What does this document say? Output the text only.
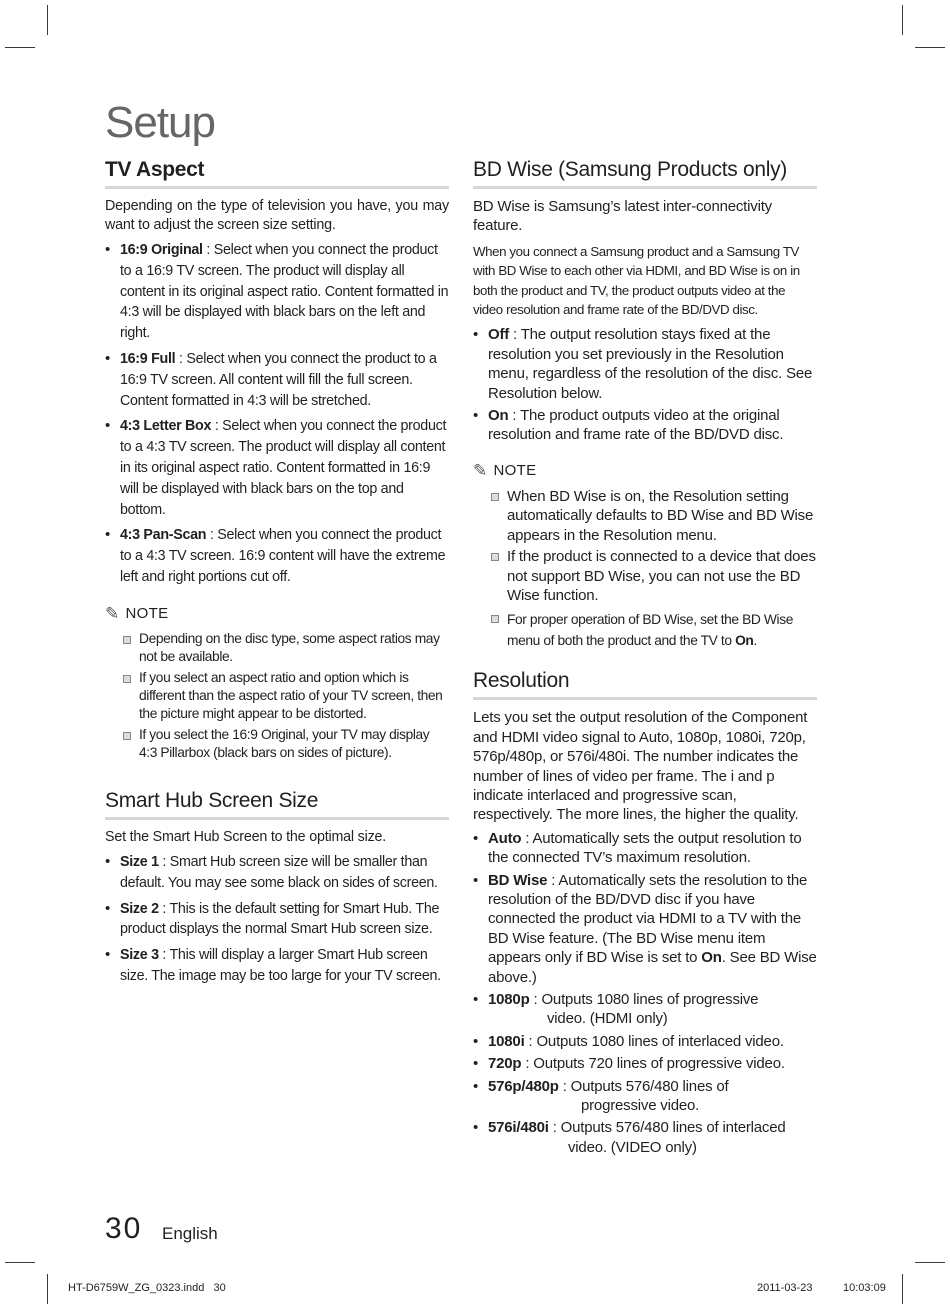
Setup
TV Aspect

Depending on the type of television you have, you may want to adjust the screen size setting.

• 16:9 Original : Select when you connect the product to a 16:9 TV screen. The product will display all content in its original aspect ratio. Content formatted in 4:3 will be displayed with black bars on the left and right.
• 16:9 Full : Select when you connect the product to a 16:9 TV screen. All content will fill the full screen. Content formatted in 4:3 will be stretched.
• 4:3 Letter Box : Select when you connect the product to a 4:3 TV screen. The product will display all content in its original aspect ratio. Content formatted in 16:9 will be displayed with black bars on the top and bottom.
• 4:3 Pan-Scan : Select when you connect the product to a 4:3 TV screen. 16:9 content will have the extreme left and right portions cut off.
✎ NOTE
Depending on the disc type, some aspect ratios may not be available.
If you select an aspect ratio and option which is different than the aspect ratio of your TV screen, then the picture might appear to be distorted.
If you select the 16:9 Original, your TV may display 4:3 Pillarbox (black bars on sides of picture).
Smart Hub Screen Size

Set the Smart Hub Screen to the optimal size.

• Size 1 : Smart Hub screen size will be smaller than default. You may see some black on sides of screen.
• Size 2 : This is the default setting for Smart Hub. The product displays the normal Smart Hub screen size.
• Size 3 : This will display a larger Smart Hub screen size. The image may be too large for your TV screen.
BD Wise (Samsung Products only)

BD Wise is Samsung’s latest inter-connectivity feature.

When you connect a Samsung product and a Samsung TV with BD Wise to each other via HDMI, and BD Wise is on in both the product and TV, the product outputs video at the video resolution and frame rate of the BD/DVD disc.

• Off : The output resolution stays fixed at the resolution you set previously in the Resolution menu, regardless of the resolution of the disc. See Resolution below.
• On : The product outputs video at the original resolution and frame rate of the BD/DVD disc.
✎ NOTE
When BD Wise is on, the Resolution setting automatically defaults to BD Wise and BD Wise appears in the Resolution menu.
If the product is connected to a device that does not support BD Wise, you can not use the BD Wise function.
For proper operation of BD Wise, set the BD Wise menu of both the product and the TV to On.
Resolution

Lets you set the output resolution of the Component and HDMI video signal to Auto, 1080p, 1080i, 720p, 576p/480p, or 576i/480i. The number indicates the number of lines of video per frame. The i and p indicate interlaced and progressive scan, respectively. The more lines, the higher the quality.

• Auto : Automatically sets the output resolution to the connected TV’s maximum resolution.
• BD Wise : Automatically sets the resolution to the resolution of the BD/DVD disc if you have connected the product via HDMI to a TV with the BD Wise feature. (The BD Wise menu item appears only if BD Wise is set to On. See BD Wise above.)
• 1080p : Outputs 1080 lines of progressive
video. (HDMI only)
• 1080i : Outputs 1080 lines of interlaced video.
• 720p : Outputs 720 lines of progressive video.
• 576p/480p : Outputs 576/480 lines of
progressive video.
• 576i/480i : Outputs 576/480 lines of interlaced
video. (VIDEO only)

30 English

HT-D6759W_ZG_0323.indd   30	2011-03-23	10:03:09
